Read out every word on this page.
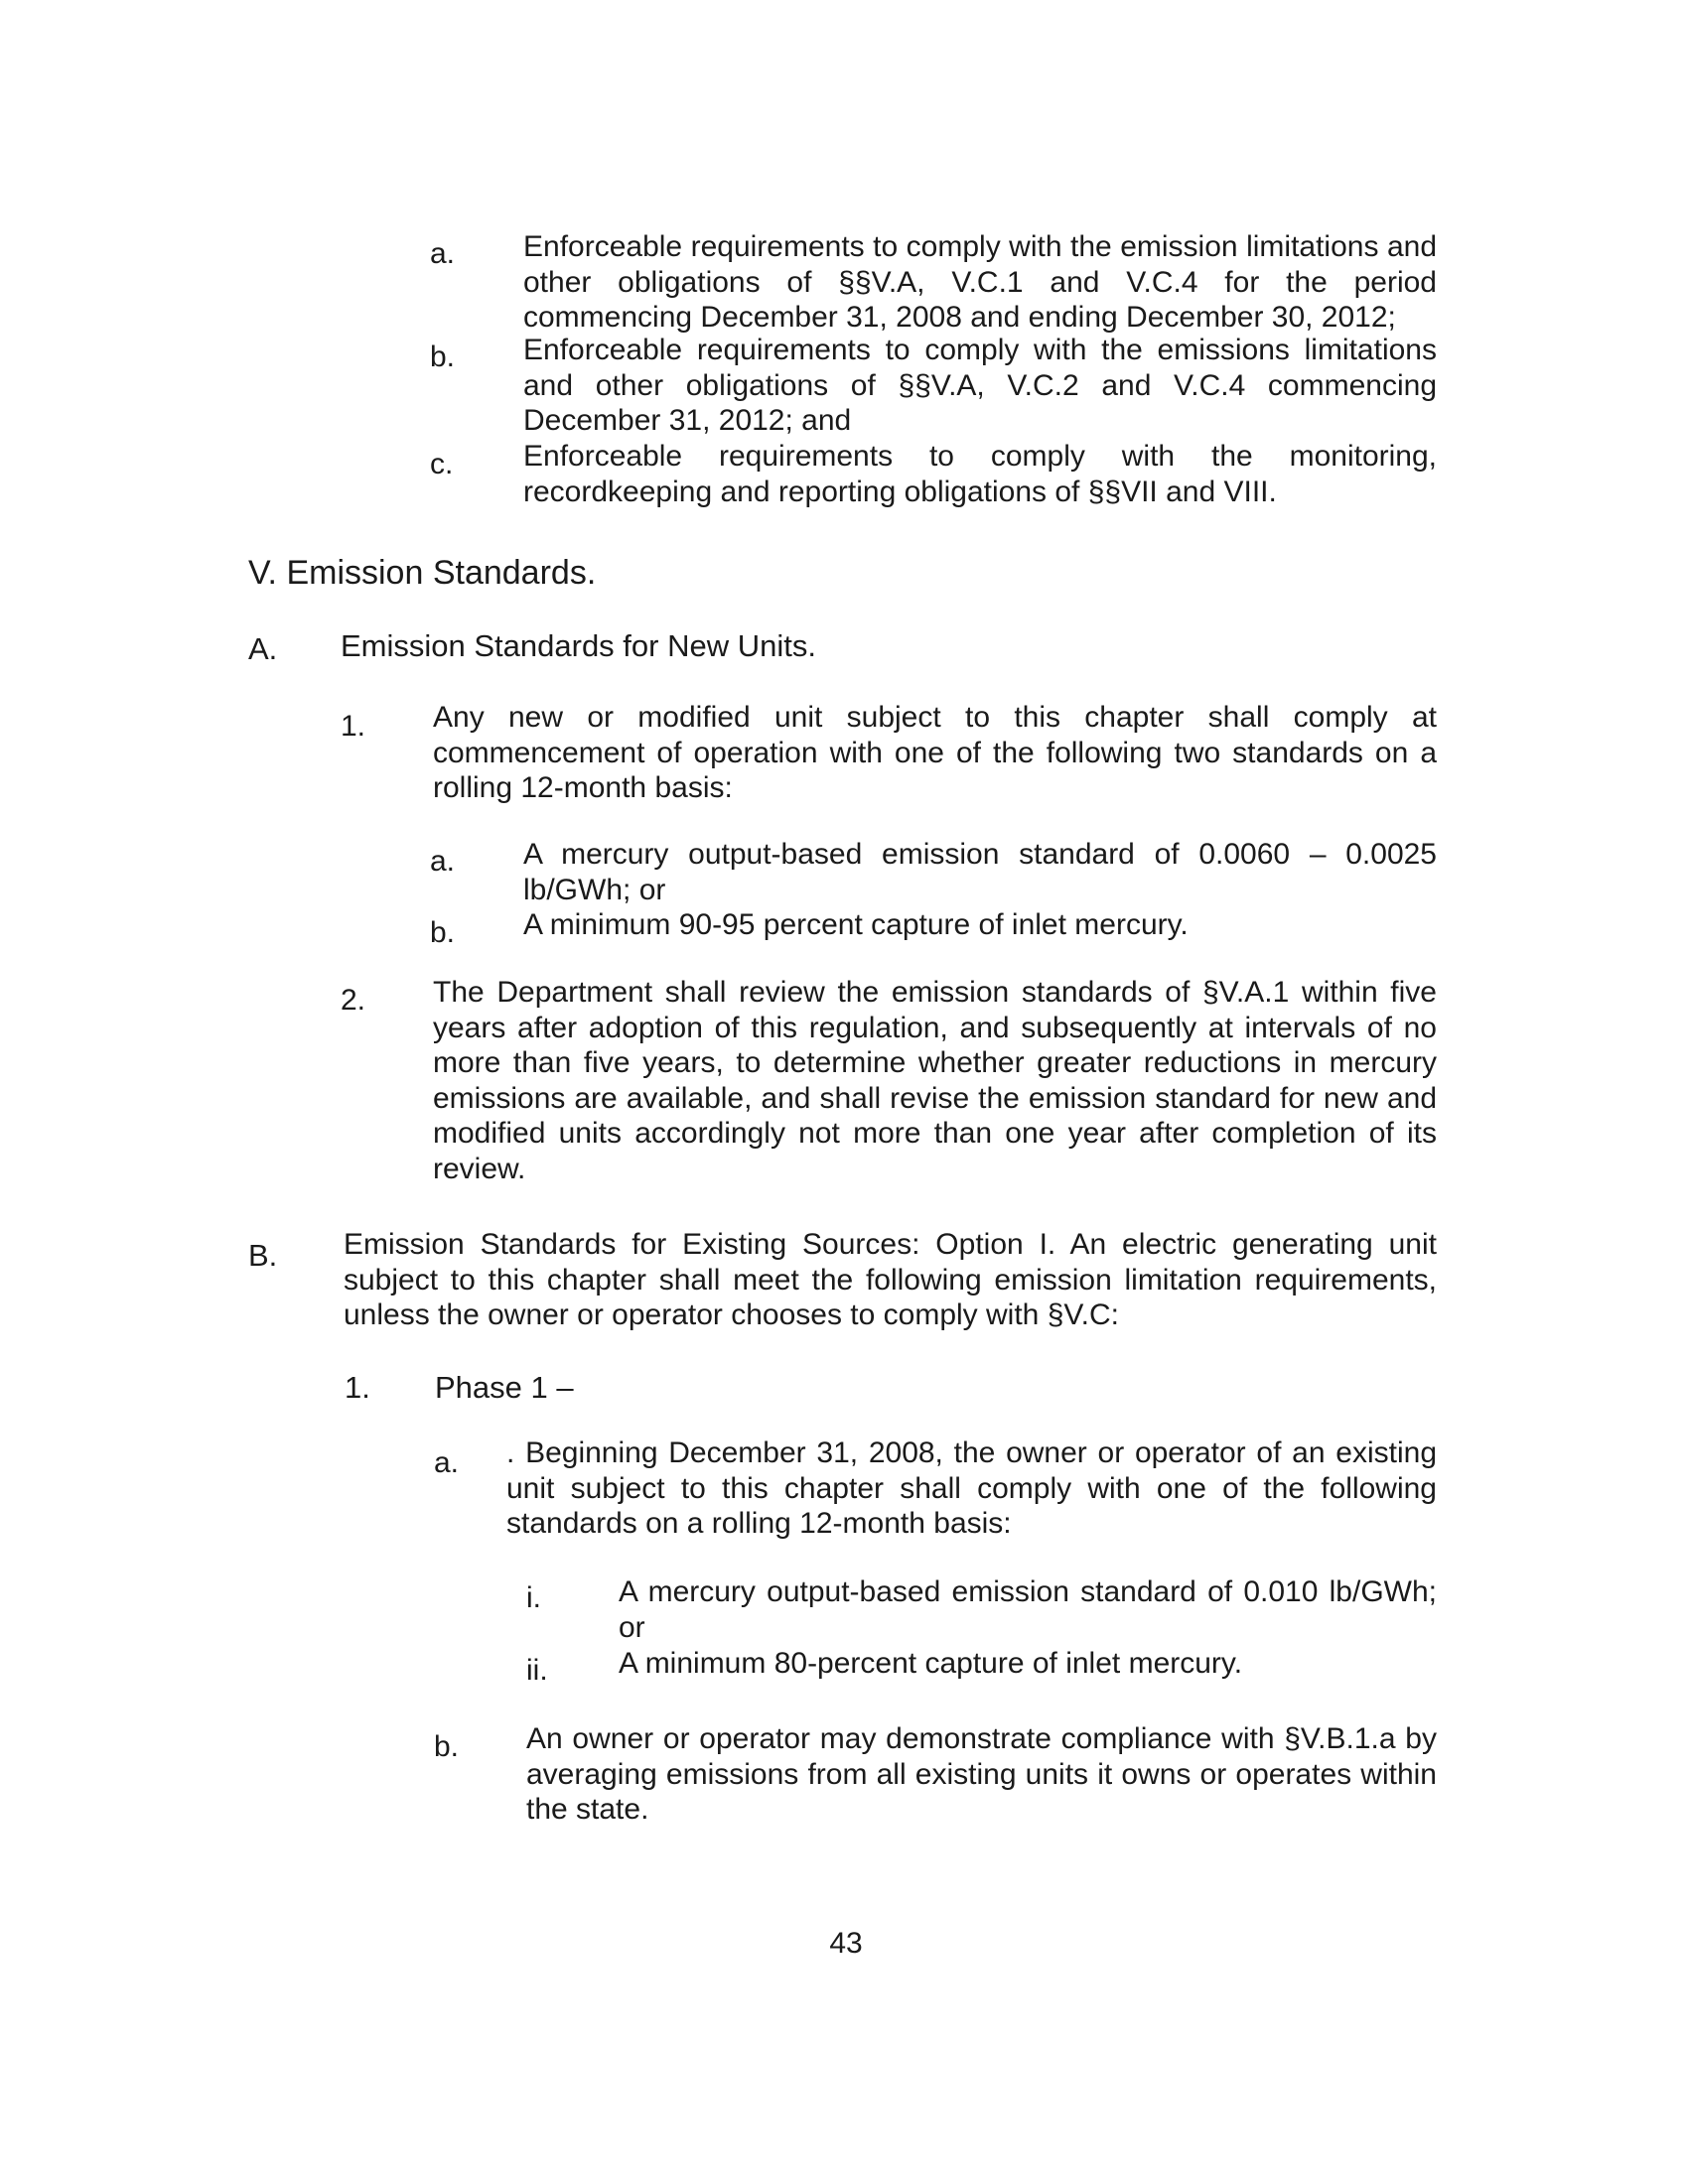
a. Enforceable requirements to comply with the emission limitations and other obligations of §§V.A, V.C.1 and V.C.4 for the period commencing December 31, 2008 and ending December 30, 2012;
b. Enforceable requirements to comply with the emissions limitations and other obligations of §§V.A, V.C.2 and V.C.4 commencing December 31, 2012; and
c. Enforceable requirements to comply with the monitoring, recordkeeping and reporting obligations of §§VII and VIII.
V. Emission Standards.
A. Emission Standards for New Units.
1. Any new or modified unit subject to this chapter shall comply at commencement of operation with one of the following two standards on a rolling 12-month basis:
a. A mercury output-based emission standard of 0.0060 – 0.0025 lb/GWh; or
b. A minimum 90-95 percent capture of inlet mercury.
2. The Department shall review the emission standards of §V.A.1 within five years after adoption of this regulation, and subsequently at intervals of no more than five years, to determine whether greater reductions in mercury emissions are available, and shall revise the emission standard for new and modified units accordingly not more than one year after completion of its review.
B. Emission Standards for Existing Sources: Option I. An electric generating unit subject to this chapter shall meet the following emission limitation requirements, unless the owner or operator chooses to comply with §V.C:
1. Phase 1 –
a. . Beginning December 31, 2008, the owner or operator of an existing unit subject to this chapter shall comply with one of the following standards on a rolling 12-month basis:
i.	A mercury output-based emission standard of 0.010 lb/GWh; or
ii. A minimum 80-percent capture of inlet mercury.
b. An owner or operator may demonstrate compliance with §V.B.1.a by averaging emissions from all existing units it owns or operates within the state.
43
